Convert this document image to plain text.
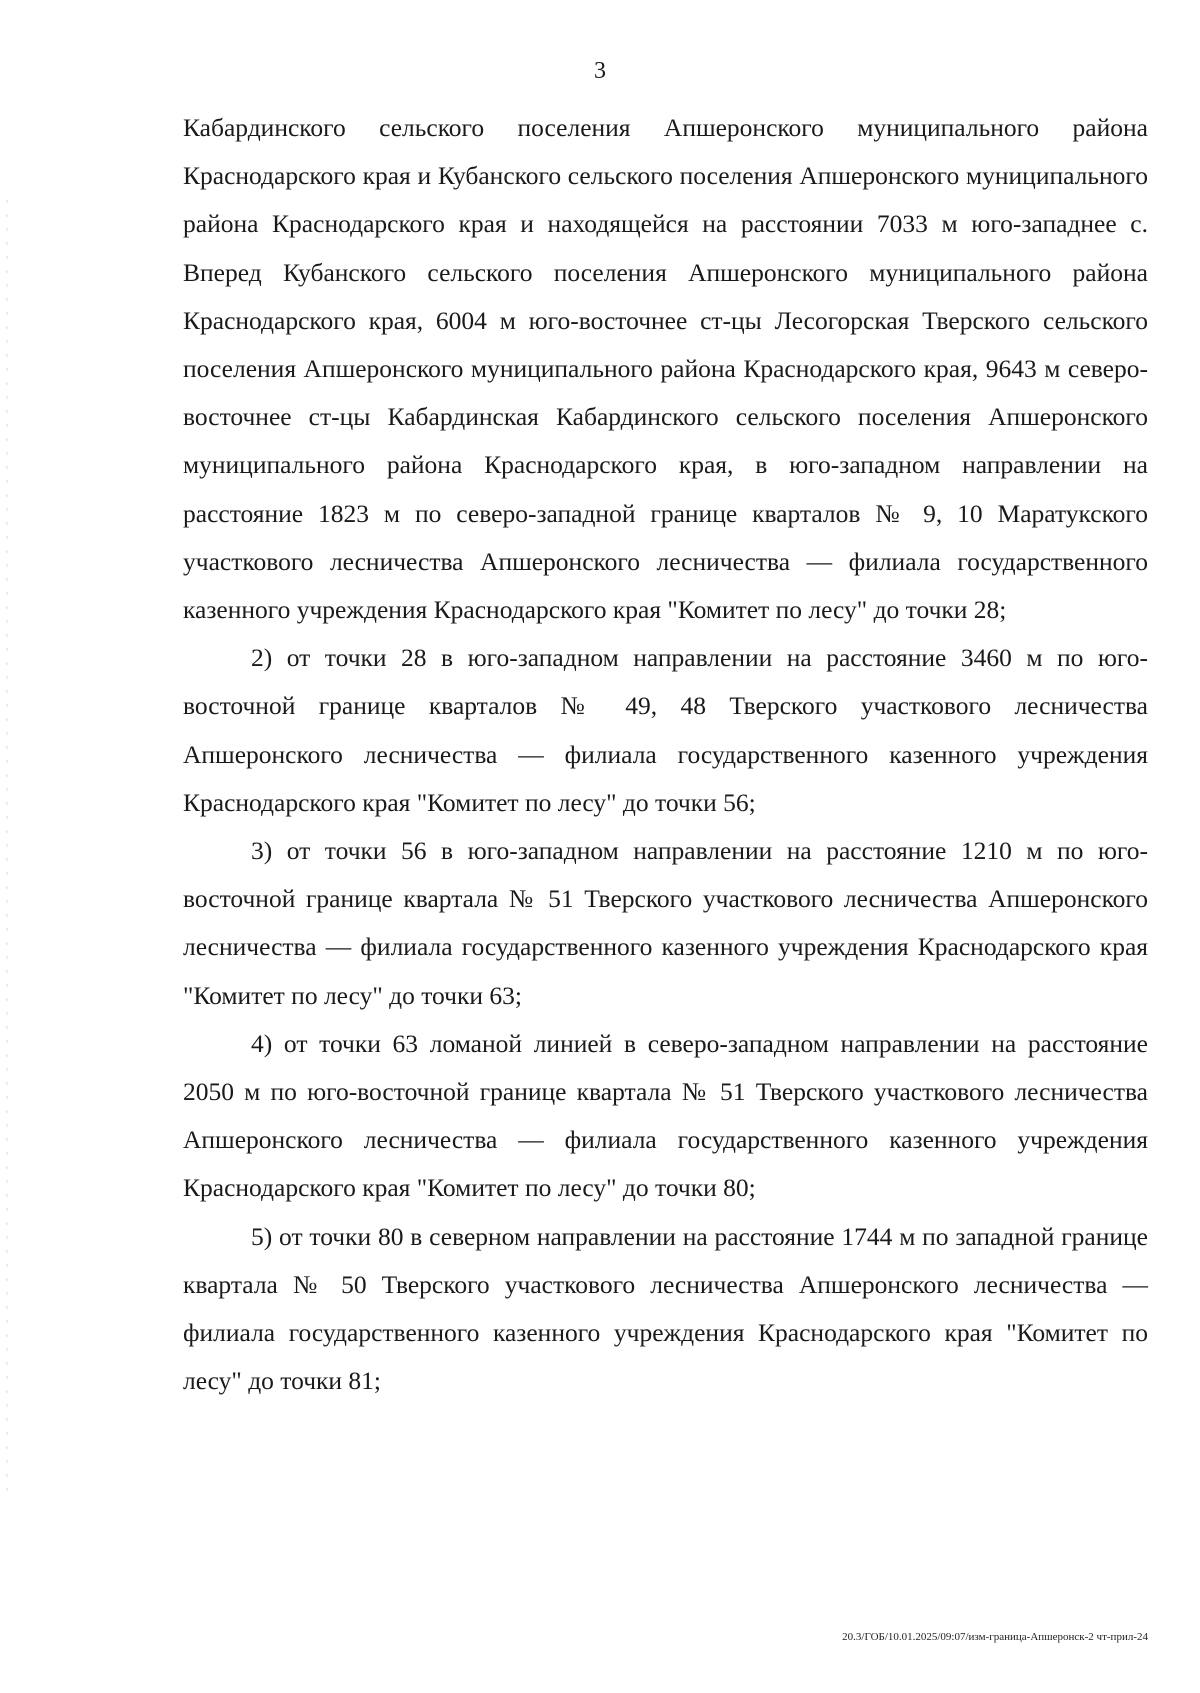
3

Кабардинского сельского поселения Апшеронского муниципального района Краснодарского края и Кубанского сельского поселения Апшеронского муниципального района Краснодарского края и находящейся на расстоянии 7033 м юго-западнее с. Вперед Кубанского сельского поселения Апшеронского муниципального района Краснодарского края, 6004 м юго-восточнее ст-цы Лесогорская Тверского сельского поселения Апшеронского муниципального района Краснодарского края, 9643 м северо-восточнее ст-цы Кабардинская Кабардинского сельского поселения Апшеронского муниципального района Краснодарского края, в юго-западном направлении на расстояние 1823 м по северо-западной границе кварталов № 9, 10 Маратукского участкового лесничества Апшеронского лесничества — филиала государственного казенного учреждения Краснодарского края "Комитет по лесу" до точки 28;

2) от точки 28 в юго-западном направлении на расстояние 3460 м по юго-восточной границе кварталов № 49, 48 Тверского участкового лесничества Апшеронского лесничества — филиала государственного казенного учреждения Краснодарского края "Комитет по лесу" до точки 56;

3) от точки 56 в юго-западном направлении на расстояние 1210 м по юго-восточной границе квартала № 51 Тверского участкового лесничества Апшеронского лесничества — филиала государственного казенного учреждения Краснодарского края "Комитет по лесу" до точки 63;

4) от точки 63 ломаной линией в северо-западном направлении на расстояние 2050 м по юго-восточной границе квартала № 51 Тверского участкового лесничества Апшеронского лесничества — филиала государственного казенного учреждения Краснодарского края "Комитет по лесу" до точки 80;

5) от точки 80 в северном направлении на расстояние 1744 м по западной границе квартала № 50 Тверского участкового лесничества Апшеронского лесничества — филиала государственного казенного учреждения Краснодарского края "Комитет по лесу" до точки 81;

20.3/ГОБ/10.01.2025/09:07/изм-граница-Апшеронск-2 чт-прил-24
